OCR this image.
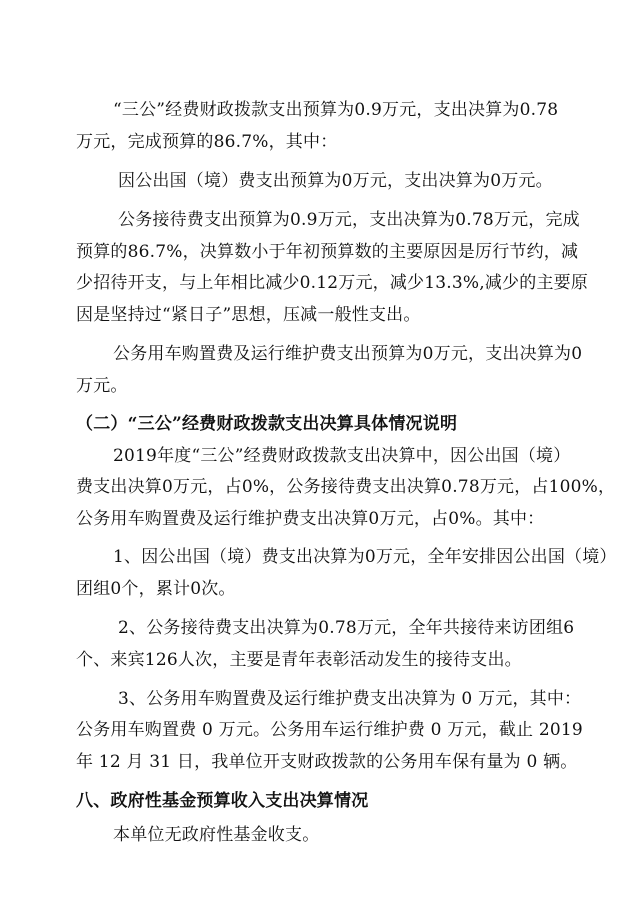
“三公”经费财政拨款支出预算为0.9万元，支出决算为0.78
万元，完成预算的86.7%，其中：
因公出国（境）费支出预算为0万元，支出决算为0万元。
公务接待费支出预算为0.9万元，支出决算为0.78万元，完成
预算的86.7%，决算数小于年初预算数的主要原因是厉行节约，减
少招待开支，与上年相比减少0.12万元，减少13.3%,减少的主要原
因是坚持过“紧日子”思想，压减一般性支出。
公务用车购置费及运行维护费支出预算为0万元，支出决算为0
万元。
（二）“三公”经费财政拨款支出决算具体情况说明
2019年度“三公”经费财政拨款支出决算中，因公出国（境）
费支出决算0万元，占0%，公务接待费支出决算0.78万元，占100%，
公务用车购置费及运行维护费支出决算0万元，占0%。其中：
1、因公出国（境）费支出决算为0万元，全年安排因公出国（境）
团组0个，累计0次。
2、公务接待费支出决算为0.78万元，全年共接待来访团组6
个、来宾126人次，主要是青年表彰活动发生的接待支出。
3、公务用车购置费及运行维护费支出决算为 0 万元，其中：
公务用车购置费 0 万元。公务用车运行维护费 0 万元，截止 2019
年 12 月 31 日，我单位开支财政拨款的公务用车保有量为 0 辆。
八、政府性基金预算收入支出决算情况
本单位无政府性基金收支。
